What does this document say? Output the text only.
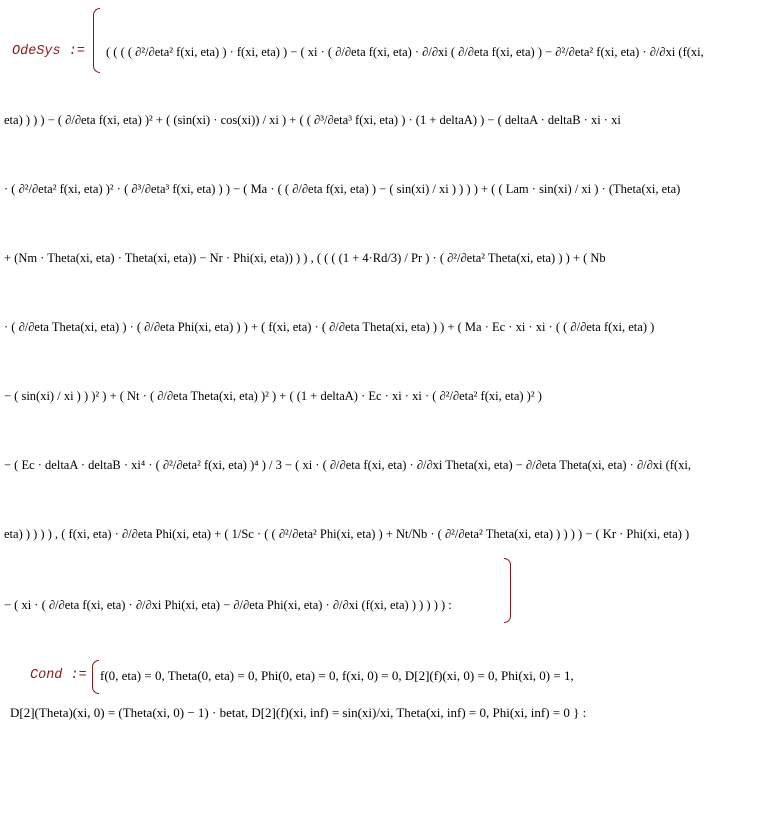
OdeSys := ( ( ( ( ∂²/∂eta² f(xi, eta) ) · f(xi, eta) ) − ( xi · ( ∂/∂eta f(xi, eta) · ∂/∂xi ( ∂/∂eta f(xi, eta) ) − ∂²/∂eta² f(xi, eta) · ∂/∂xi (f(xi,
eta) ) ) ) − ( ∂/∂eta f(xi, eta) )² + ( (sin(xi) · cos(xi)) / xi ) + ( ( ∂³/∂eta³ f(xi, eta) ) · (1 + deltaA) ) − ( deltaA · deltaB · xi · xi
· ( ∂²/∂eta² f(xi, eta) )² · ( ∂³/∂eta³ f(xi, eta) ) ) − ( Ma · ( ( ∂/∂eta f(xi, eta) ) − ( sin(xi) / xi ) ) ) ) + ( ( Lam · sin(xi) / xi ) · (Theta(xi, eta)
+ (Nm · Theta(xi, eta) · Theta(xi, eta)) − Nr · Phi(xi, eta)) ) ) , ( ( ( (1 + 4·Rd/3) / Pr ) · ( ∂²/∂eta² Theta(xi, eta) ) ) + ( Nb
· ( ∂/∂eta Theta(xi, eta) ) · ( ∂/∂eta Phi(xi, eta) ) ) + ( f(xi, eta) · ( ∂/∂eta Theta(xi, eta) ) ) + ( Ma · Ec · xi · xi · ( ( ∂/∂eta f(xi, eta) )
− ( sin(xi) / xi ) ) )² ) + ( Nt · ( ∂/∂eta Theta(xi, eta) )² ) + ( (1 + deltaA) · Ec · xi · xi · ( ∂²/∂eta² f(xi, eta) )² )
− ( Ec · deltaA · deltaB · xi⁴ · ( ∂²/∂eta² f(xi, eta) )⁴ ) / 3 − ( xi · ( ∂/∂eta f(xi, eta) · ∂/∂xi Theta(xi, eta) − ∂/∂eta Theta(xi, eta) · ∂/∂xi (f(xi,
eta) ) ) ) ) , ( f(xi, eta) · ∂/∂eta Phi(xi, eta) + ( 1/Sc · ( ( ∂²/∂eta² Phi(xi, eta) ) + Nt/Nb · ( ∂²/∂eta² Theta(xi, eta) ) ) ) ) − ( Kr · Phi(xi, eta) )
− ( xi · ( ∂/∂eta f(xi, eta) · ∂/∂xi Phi(xi, eta) − ∂/∂eta Phi(xi, eta) · ∂/∂xi (f(xi, eta) ) ) ) ) ) :
Cond := f(0, eta) = 0, Theta(0, eta) = 0, Phi(0, eta) = 0, f(xi, 0) = 0, D[2](f)(xi, 0) = 0, Phi(xi, 0) = 1,
D[2](Theta)(xi, 0) = (Theta(xi, 0) − 1) · betat, D[2](f)(xi, inf) = sin(xi)/xi, Theta(xi, inf) = 0, Phi(xi, inf) = 0 } :
